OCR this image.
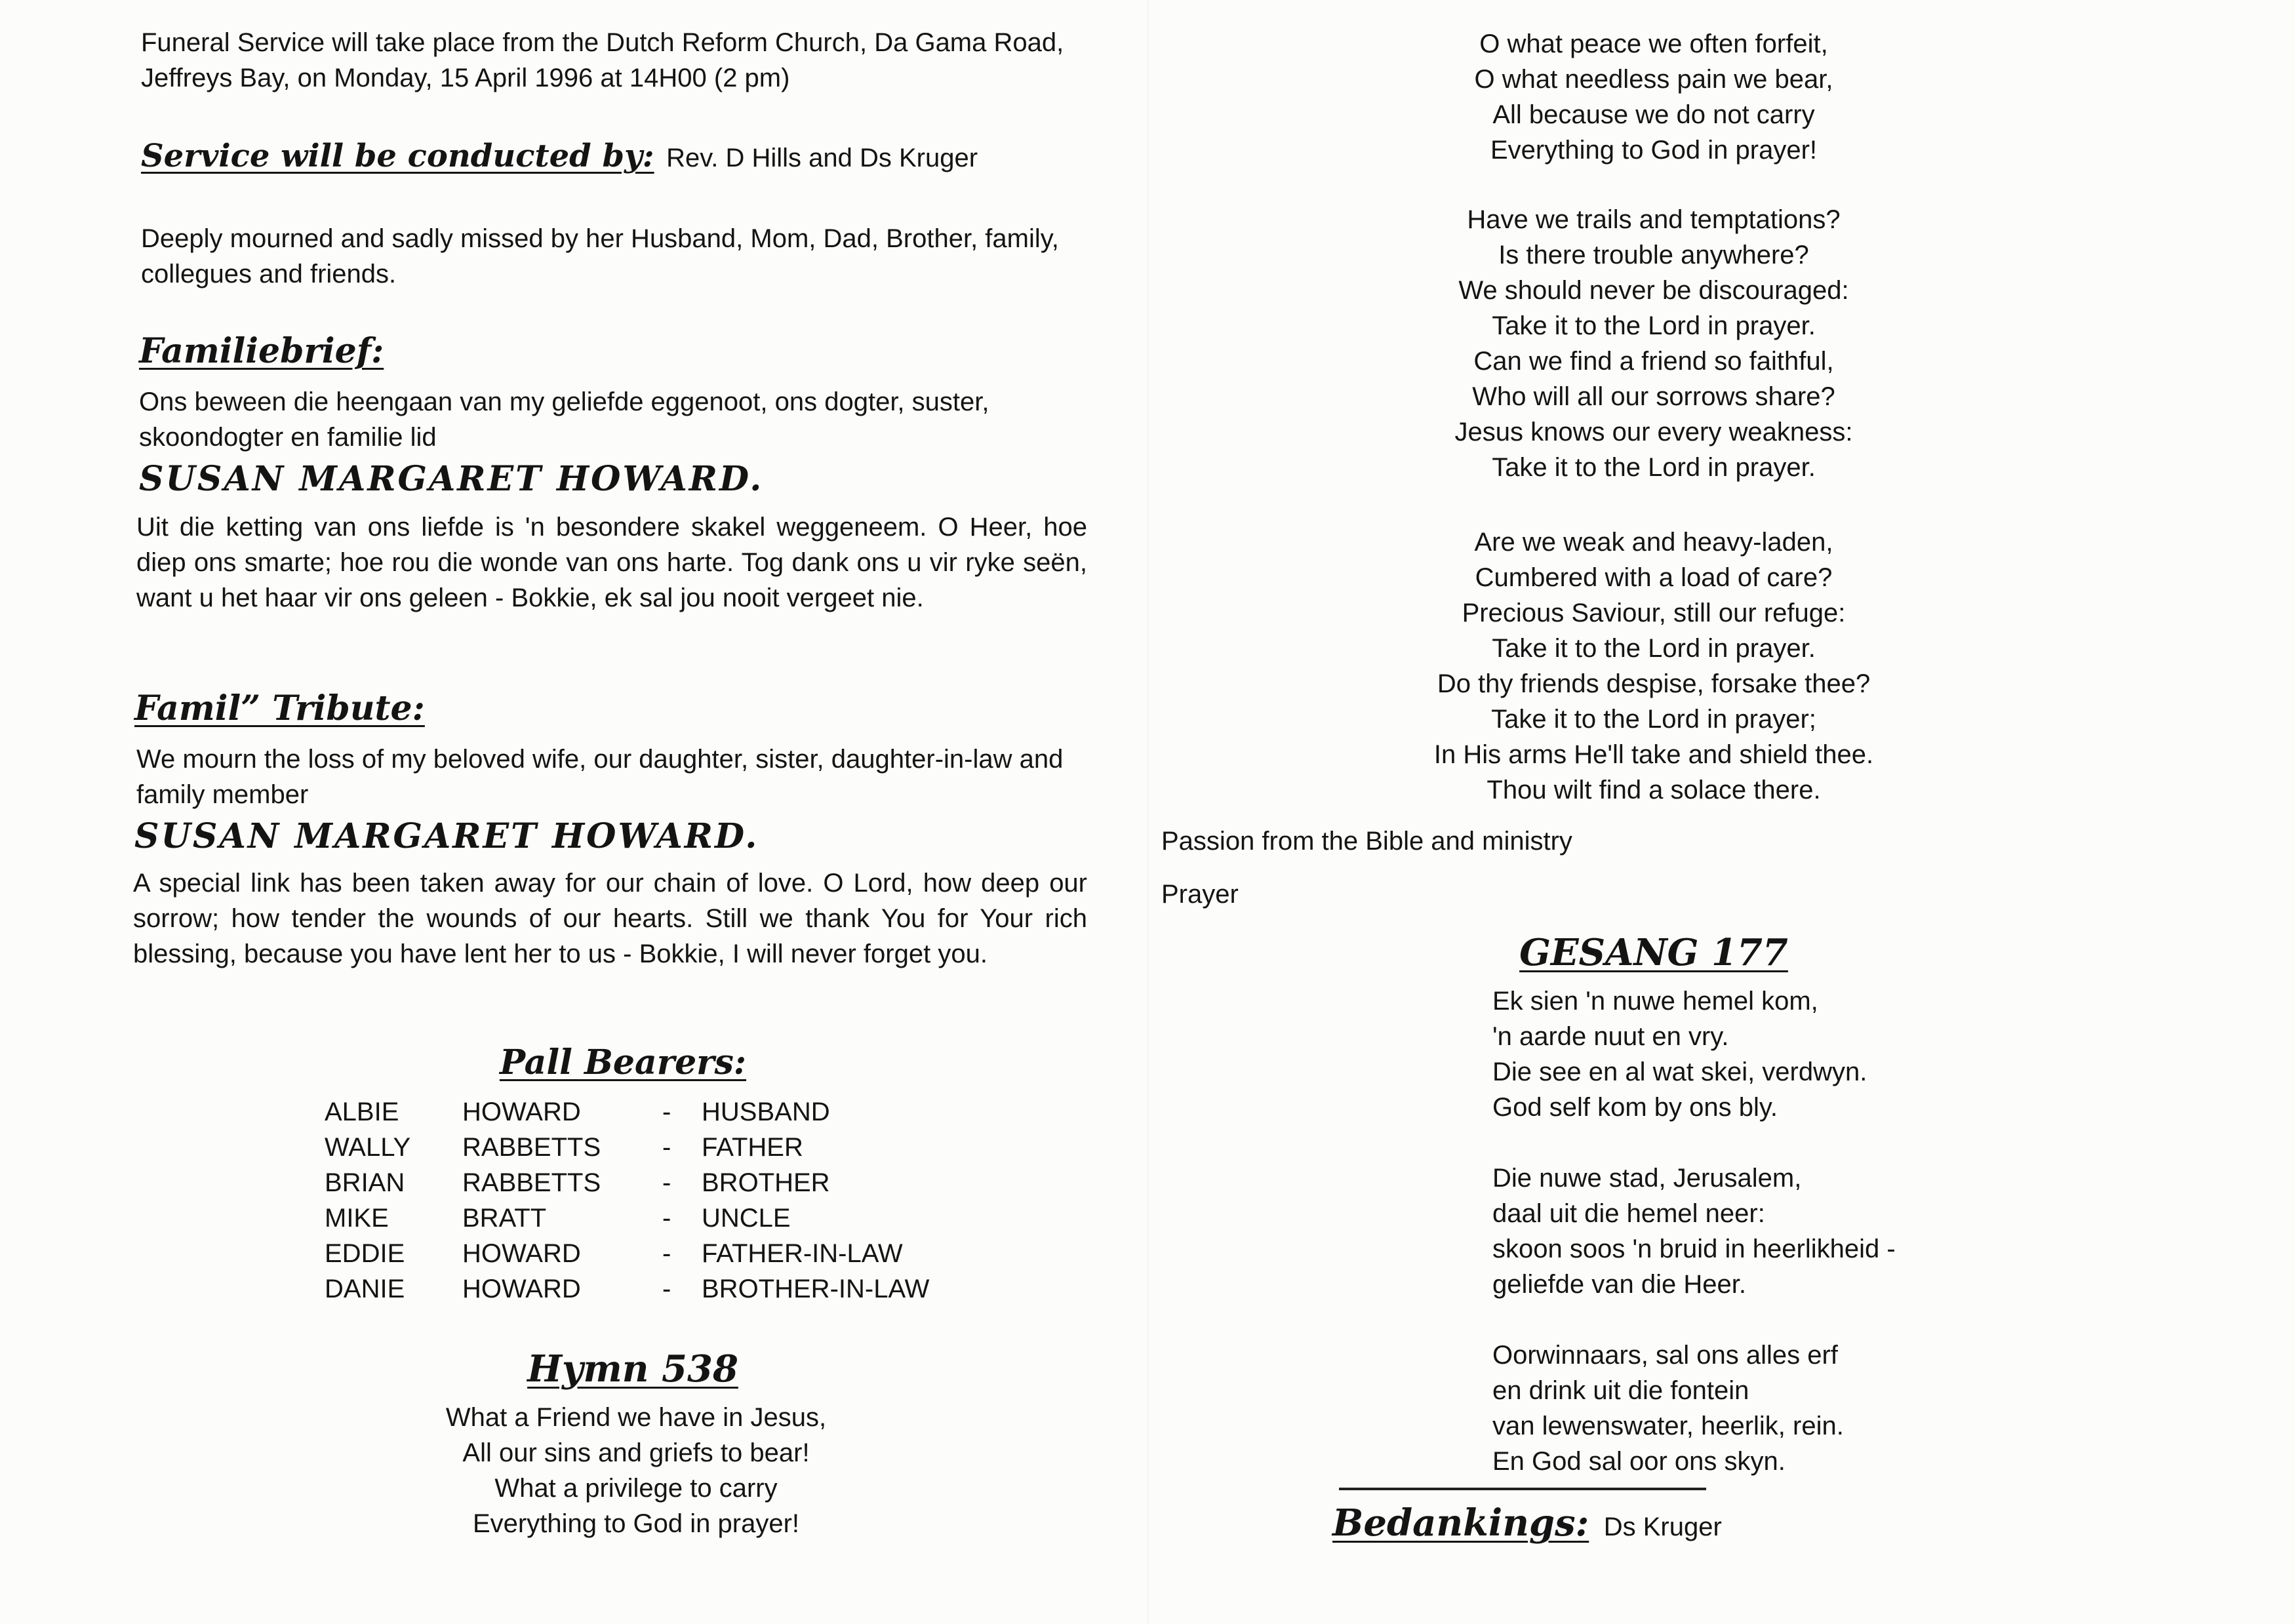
Funeral Service will take place from the Dutch Reform Church, Da Gama Road, Jeffreys Bay, on Monday, 15 April 1996 at 14H00 (2 pm)
Service will be conducted by: Rev. D Hills and Ds Kruger
Deeply mourned and sadly missed by her Husband, Mom, Dad, Brother, family, collegues and friends.
Familiebrief:
Ons beween die heengaan van my geliefde eggenoot, ons dogter, suster, skoondogter en familie lid
SUSAN MARGARET HOWARD.
Uit die ketting van ons liefde is 'n besondere skakel weggeneem. O Heer, hoe diep ons smarte; hoe rou die wonde van ons harte. Tog dank ons u vir ryke seën, want u het haar vir ons geleen - Bokkie, ek sal jou nooit vergeet nie.
Famil” Tribute:
We mourn the loss of my beloved wife, our daughter, sister, daughter-in-law and family member
SUSAN MARGARET HOWARD.
A special link has been taken away for our chain of love. O Lord, how deep our sorrow; how tender the wounds of our hearts. Still we thank You for Your rich blessing, because you have lent her to us - Bokkie, I will never forget you.
Pall Bearers:
ALBIE	HOWARD	-	HUSBAND
WALLY	RABBETTS	-	FATHER
BRIAN	RABBETTS	-	BROTHER
MIKE	BRATT	-	UNCLE
EDDIE	HOWARD	-	FATHER-IN-LAW
DANIE	HOWARD	-	BROTHER-IN-LAW
Hymn 538
What a Friend we have in Jesus,
All our sins and griefs to bear!
What a privilege to carry
Everything to God in prayer!
O what peace we often forfeit,
O what needless pain we bear,
All because we do not carry
Everything to God in prayer!
Have we trails and temptations?
Is there trouble anywhere?
We should never be discouraged:
Take it to the Lord in prayer.
Can we find a friend so faithful,
Who will all our sorrows share?
Jesus knows our every weakness:
Take it to the Lord in prayer.
Are we weak and heavy-laden,
Cumbered with a load of care?
Precious Saviour, still our refuge:
Take it to the Lord in prayer.
Do thy friends despise, forsake thee?
Take it to the Lord in prayer;
In His arms He'll take and shield thee.
Thou wilt find a solace there.
Passion from the Bible and ministry
Prayer
GESANG 177
Ek sien 'n nuwe hemel kom,
'n aarde nuut en vry.
Die see en al wat skei, verdwyn.
God self kom by ons bly.
Die nuwe stad, Jerusalem,
daal uit die hemel neer:
skoon soos 'n bruid in heerlikheid -
geliefde van die Heer.
Oorwinnaars, sal ons alles erf
en drink uit die fontein
van lewenswater, heerlik, rein.
En God sal oor ons skyn.
Bedankings: Ds Kruger
